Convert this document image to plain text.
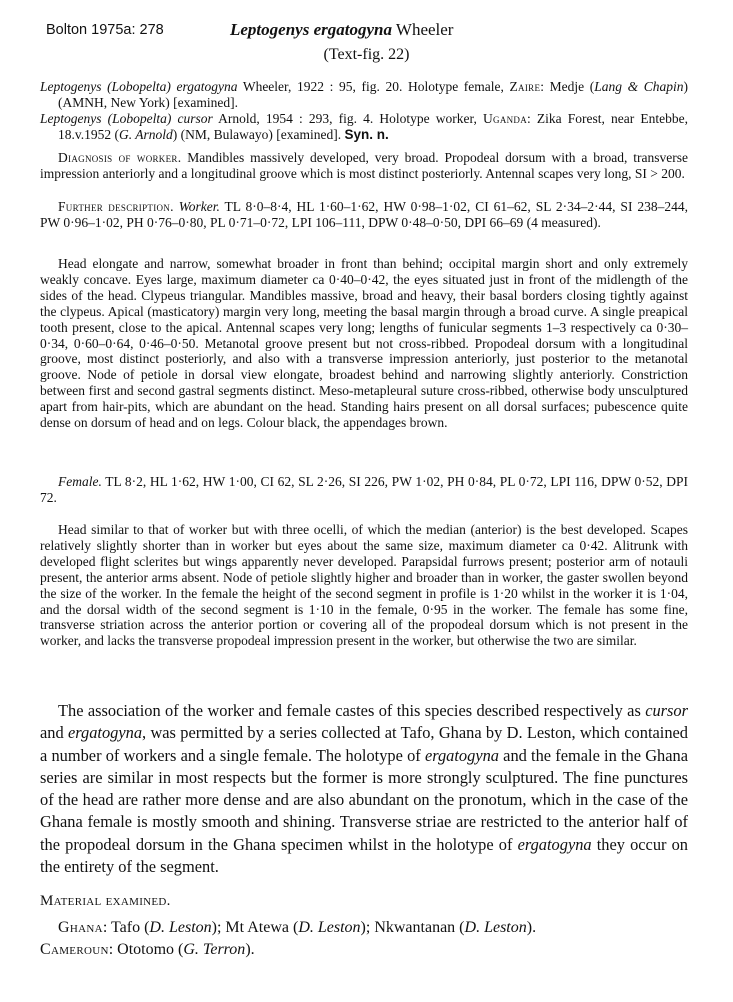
Bolton 1975a: 278	Leptogenys ergatogyna Wheeler
(Text-fig. 22)

Leptogenys (Lobopelta) ergatogyna Wheeler, 1922 : 95, fig. 20. Holotype female, Zaire: Medje (Lang & Chapin) (AMNH, New York) [examined].

Leptogenys (Lobopelta) cursor Arnold, 1954 : 293, fig. 4. Holotype worker, Uganda: Zika Forest, near Entebbe, 18.v.1952 (G. Arnold) (NM, Bulawayo) [examined]. Syn. n.

Diagnosis of worker. Mandibles massively developed, very broad. Propodeal dorsum with a broad, transverse impression anteriorly and a longitudinal groove which is most distinct posteriorly. Antennal scapes very long, SI > 200.

Further description. Worker. TL 8·0–8·4, HL 1·60–1·62, HW 0·98–1·02, CI 61–62, SL 2·34–2·44, SI 238–244, PW 0·96–1·02, PH 0·76–0·80, PL 0·71–0·72, LPI 106–111, DPW 0·48–0·50, DPI 66–69 (4 measured).

Head elongate and narrow, somewhat broader in front than behind; occipital margin short and only extremely weakly concave. Eyes large, maximum diameter ca 0·40–0·42, the eyes situated just in front of the midlength of the sides of the head. Clypeus triangular. Mandibles massive, broad and heavy, their basal borders closing tightly against the clypeus. Apical (masticatory) margin very long, meeting the basal margin through a broad curve. A single preapical tooth present, close to the apical. Antennal scapes very long; lengths of funicular segments 1–3 respectively ca 0·30–0·34, 0·60–0·64, 0·46–0·50. Metanotal groove present but not cross-ribbed. Propodeal dorsum with a longitudinal groove, most distinct posteriorly, and also with a transverse impression anteriorly, just posterior to the metanotal groove. Node of petiole in dorsal view elongate, broadest behind and narrowing slightly anteriorly. Constriction between first and second gastral segments distinct. Meso-metapleural suture cross-ribbed, otherwise body unsculptured apart from hair-pits, which are abundant on the head. Standing hairs present on all dorsal surfaces; pubescence quite dense on dorsum of head and on legs. Colour black, the appendages brown.

Female. TL 8·2, HL 1·62, HW 1·00, CI 62, SL 2·26, SI 226, PW 1·02, PH 0·84, PL 0·72, LPI 116, DPW 0·52, DPI 72.

Head similar to that of worker but with three ocelli, of which the median (anterior) is the best developed. Scapes relatively slightly shorter than in worker but eyes about the same size, maximum diameter ca 0·42. Alitrunk with developed flight sclerites but wings apparently never developed. Parapsidal furrows present; posterior arm of notauli present, the anterior arms absent. Node of petiole slightly higher and broader than in worker, the gaster swollen beyond the size of the worker. In the female the height of the second segment in profile is 1·20 whilst in the worker it is 1·04, and the dorsal width of the second segment is 1·10 in the female, 0·95 in the worker. The female has some fine, transverse striation across the anterior portion or covering all of the propodeal dorsum which is not present in the worker, and lacks the transverse propodeal impression present in the worker, but otherwise the two are similar.

The association of the worker and female castes of this species described respectively as cursor and ergatogyna, was permitted by a series collected at Tafo, Ghana by D. Leston, which contained a number of workers and a single female. The holotype of ergatogyna and the female in the Ghana series are similar in most respects but the former is more strongly sculptured. The fine punctures of the head are rather more dense and are also abundant on the pronotum, which in the case of the Ghana female is mostly smooth and shining. Transverse striae are restricted to the anterior half of the propodeal dorsum in the Ghana specimen whilst in the holotype of ergatogyna they occur on the entirety of the segment.

Material examined.

Ghana: Tafo (D. Leston); Mt Atewa (D. Leston); Nkwantanan (D. Leston).

Cameroun: Ototomo (G. Terron).
